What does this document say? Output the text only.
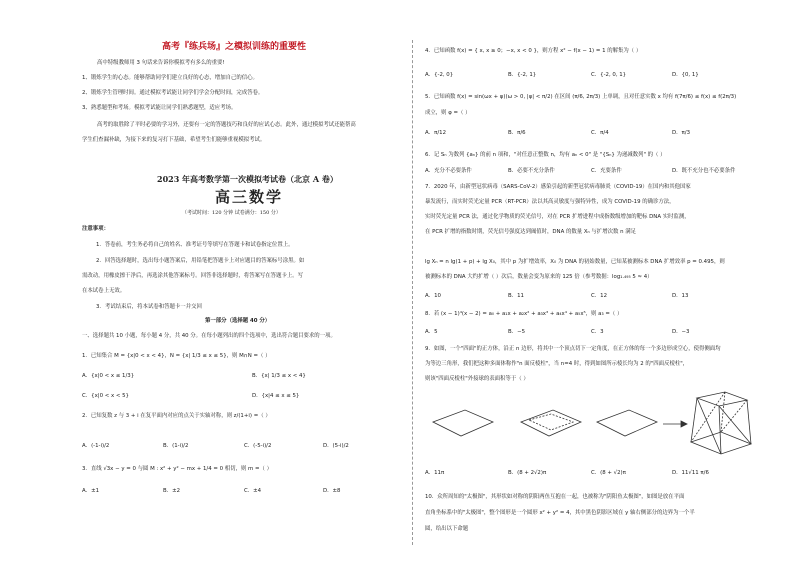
高考『练兵场』之模拟训练的重要性
高中特级教师用 3 句话来告诉你模拟考有多么的重要!
1、锻炼学生的心态。能够帮助同学们建立良好的心态，增加自己的信心。
2、锻炼学生管理时间。通过模拟考试能让同学们学会分配时间，完成答卷。
3、熟悉题型和考场。模拟考试能让同学们熟悉题型，适应考场。
高考的取胜除了平时必要的学习外，还要有一定的答题技巧和良好的应试心态。此外，通过模拟考试还能帮高
学生们查漏补缺，为接下来的复习打下基础，希望考生们能够重视模拟考试。
2023 年高考数学第一次模拟考试卷（北京 A 卷）
高三数学
（考试时间：120 分钟 试卷满分：150 分）
注意事项：
1．答卷前，考生务必将自己的姓名、准考证号等填写在答题卡和试卷指定位置上。
2．回答选择题时，选出每小题答案后，用铅笔把答题卡上对应题目的答案标号涂黑。如
需改动，用橡皮擦干净后，再选涂其他答案标号。回答非选择题时，将答案写在答题卡上。写
在本试卷上无效。
3．考试结束后，将本试卷和答题卡一并交回
第一部分（选择题 40 分）
一、选择题共 10 小题，每小题 4 分，共 40 分。在每小题列出的四个选项中，选出符合题目要求的一项。
1．已知集合 M = {x|0 < x < 4}，N = {x| 1/3 ≤ x ≤ 5}，则 M∩N =（ ）
A．{x|0 < x ≤ 1/3}	B．{x| 1/3 ≤ x < 4}
C．{x|0 < x < 5}	D．{x|4 ≤ x ≤ 5}
2．已知复数 z 与 3 + i 在复平面内对应的点关于实轴对称，则 z/(1+i) =（ ）
A．(-1-i)/2	B．(1-i)/2	C．(-5-i)/2	D．(5-i)/2
3．直线 √3x − y = 0 与圆 M : x² + y² − mx + 1/4 = 0 相切，则 m =（ ）
A．±1	B．±2	C．±4	D．±8
4．已知函数 f(x) = { x, x ≥ 0；−x, x < 0 }，则方程 x² − f(x − 1) = 1 的解集为（ ）
A．{-2, 0}	B．{-2, 1}	C．{-2, 0, 1}	D．{0, 1}
5．已知函数 f(x) = sin(ωx + φ)(ω > 0, |φ| < π/2) 在区间 (π/6, 2π/3) 上单调，且对任意实数 x 均有 f(7π/6) ≤ f(x) ≤ f(2π/3)
成立，则 φ =（ ）
A．π/12	B．π/6	C．π/4	D．π/3
6．记 Sₙ 为数列 {aₙ} 的前 n 项和，"对任意正整数 n，均有 aₙ < 0" 是 "{Sₙ} 为递减数列" 的（ ）
A．充分不必要条件	B．必要不充分条件	C．充要条件	D．既不充分也不必要条件
7．2020 年，由新型冠状病毒（SARS-CoV-2）感染引起的新型冠状病毒肺炎（COVID-19）在国内和其他国家
暴发流行，而实时荧光定量 PCR（RT-PCR）法以其高灵敏度与强特异性，成为 COVID-19 的确诊方法，
实时荧光定量 PCR 法，通过化学物质的荧光信号，对在 PCR 扩增进程中成指数级增加的靶标 DNA 实时监测，
在 PCR 扩增的指数时期，荧光信号强度达到阈值时，DNA 的数量 Xₙ 与扩增次数 n 满足
lg Xₙ = n lg(1 + p) + lg X₀，其中 p 为扩增效率，X₀ 为 DNA 的初始数量，已知某被测标本 DNA 扩增效率 p = 0.495，则
被测标本的 DNA 大约扩增（ ）次后，数量会变为原来的 125 倍（参考数据：log₁.₄₉₅ 5 ≈ 4）
A．10	B．11	C．12	D．13
8．若 (x − 1)⁴(x − 2) = a₀ + a₁x + a₂x² + a₃x³ + a₄x⁴ + a₅x⁵，则 a₃ =（ ）
A．5	B．−5	C．3	D．−3
9．如图，一个"四面"的正方体，沿正 n 边形，将其中一个顶点切下一定角度，在正方体的每一个多边形成空心，使得侧面均
为等边三角形，我们把这种多面体称作"n 面反棱柱"，当 n=4 时，得到如图所示棱长均为 2 的"四面反棱柱"，
则该"四面反棱柱"外接球的表面积等于（ ）
A．11π	B．(8 + 2√2)π	C．(8 + √2)π	D．11√11 π/6
10．众所周知的"太极图"，其形状如对称的阴阳两鱼互抱在一起，也被称为"阴阳鱼太极图"，如图是放在平面
直角坐标系中的"太极图"，整个图形是一个圆形 x² + y² = 4，其中黑色阴影区域在 y 轴右侧部分的边界为一个半
圆，给出以下命题
